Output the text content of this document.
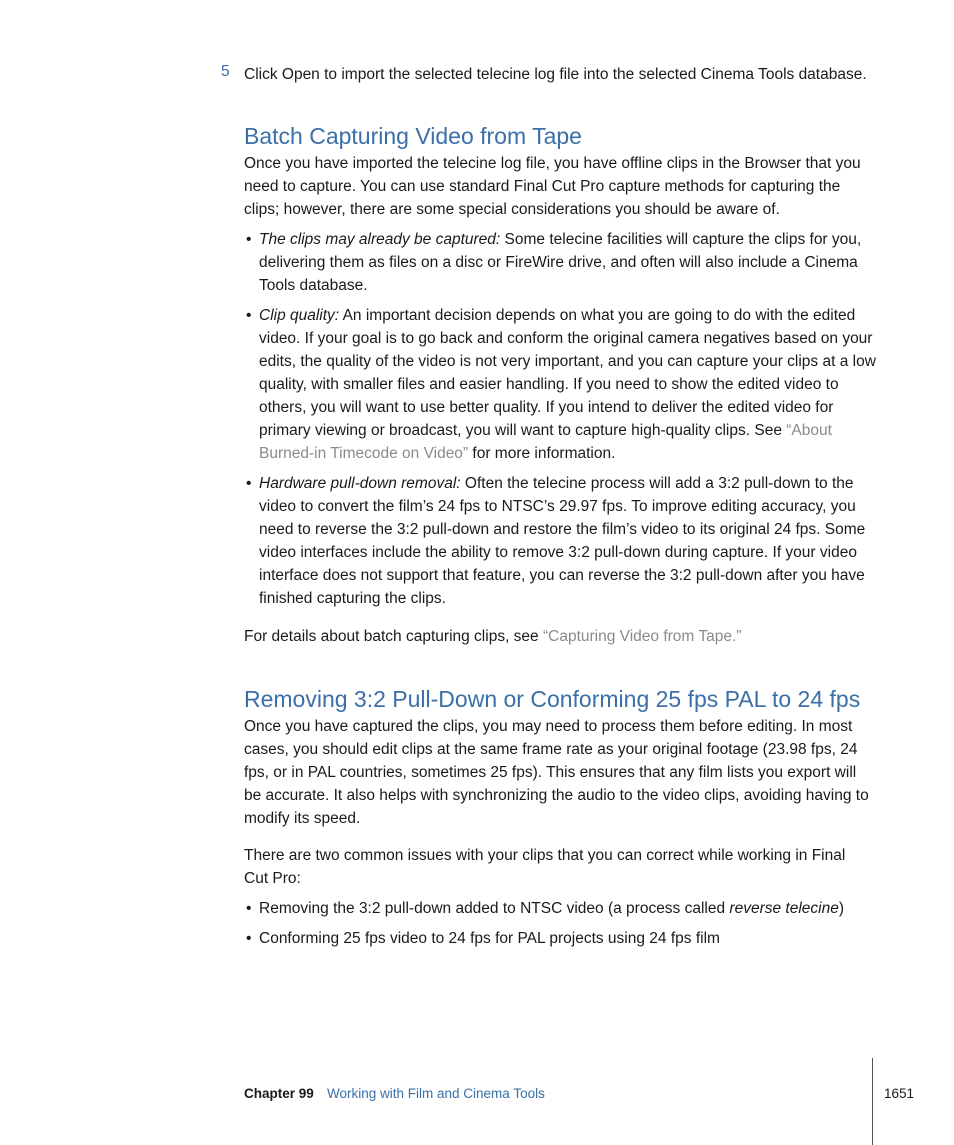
5 Click Open to import the selected telecine log file into the selected Cinema Tools database.
Batch Capturing Video from Tape

Once you have imported the telecine log file, you have offline clips in the Browser that you need to capture. You can use standard Final Cut Pro capture methods for capturing the clips; however, there are some special considerations you should be aware of.

• The clips may already be captured: Some telecine facilities will capture the clips for you, delivering them as files on a disc or FireWire drive, and often will also include a Cinema Tools database.
• Clip quality: An important decision depends on what you are going to do with the edited video. If your goal is to go back and conform the original camera negatives based on your edits, the quality of the video is not very important, and you can capture your clips at a low quality, with smaller files and easier handling. If you need to show the edited video to others, you will want to use better quality. If you intend to deliver the edited video for primary viewing or broadcast, you will want to capture high-quality clips. See “About Burned-in Timecode on Video” for more information.
• Hardware pull-down removal: Often the telecine process will add a 3:2 pull-down to the video to convert the film’s 24 fps to NTSC’s 29.97 fps. To improve editing accuracy, you need to reverse the 3:2 pull-down and restore the film’s video to its original 24 fps. Some video interfaces include the ability to remove 3:2 pull-down during capture. If your video interface does not support that feature, you can reverse the 3:2 pull-down after you have finished capturing the clips.

For details about batch capturing clips, see “Capturing Video from Tape.”

Removing 3:2 Pull-Down or Conforming 25 fps PAL to 24 fps

Once you have captured the clips, you may need to process them before editing. In most cases, you should edit clips at the same frame rate as your original footage (23.98 fps, 24 fps, or in PAL countries, sometimes 25 fps). This ensures that any film lists you export will be accurate. It also helps with synchronizing the audio to the video clips, avoiding having to modify its speed.

There are two common issues with your clips that you can correct while working in Final Cut Pro:

• Removing the 3:2 pull-down added to NTSC video (a process called reverse telecine)
• Conforming 25 fps video to 24 fps for PAL projects using 24 fps film
Chapter 99 Working with Film and Cinema Tools	1651
